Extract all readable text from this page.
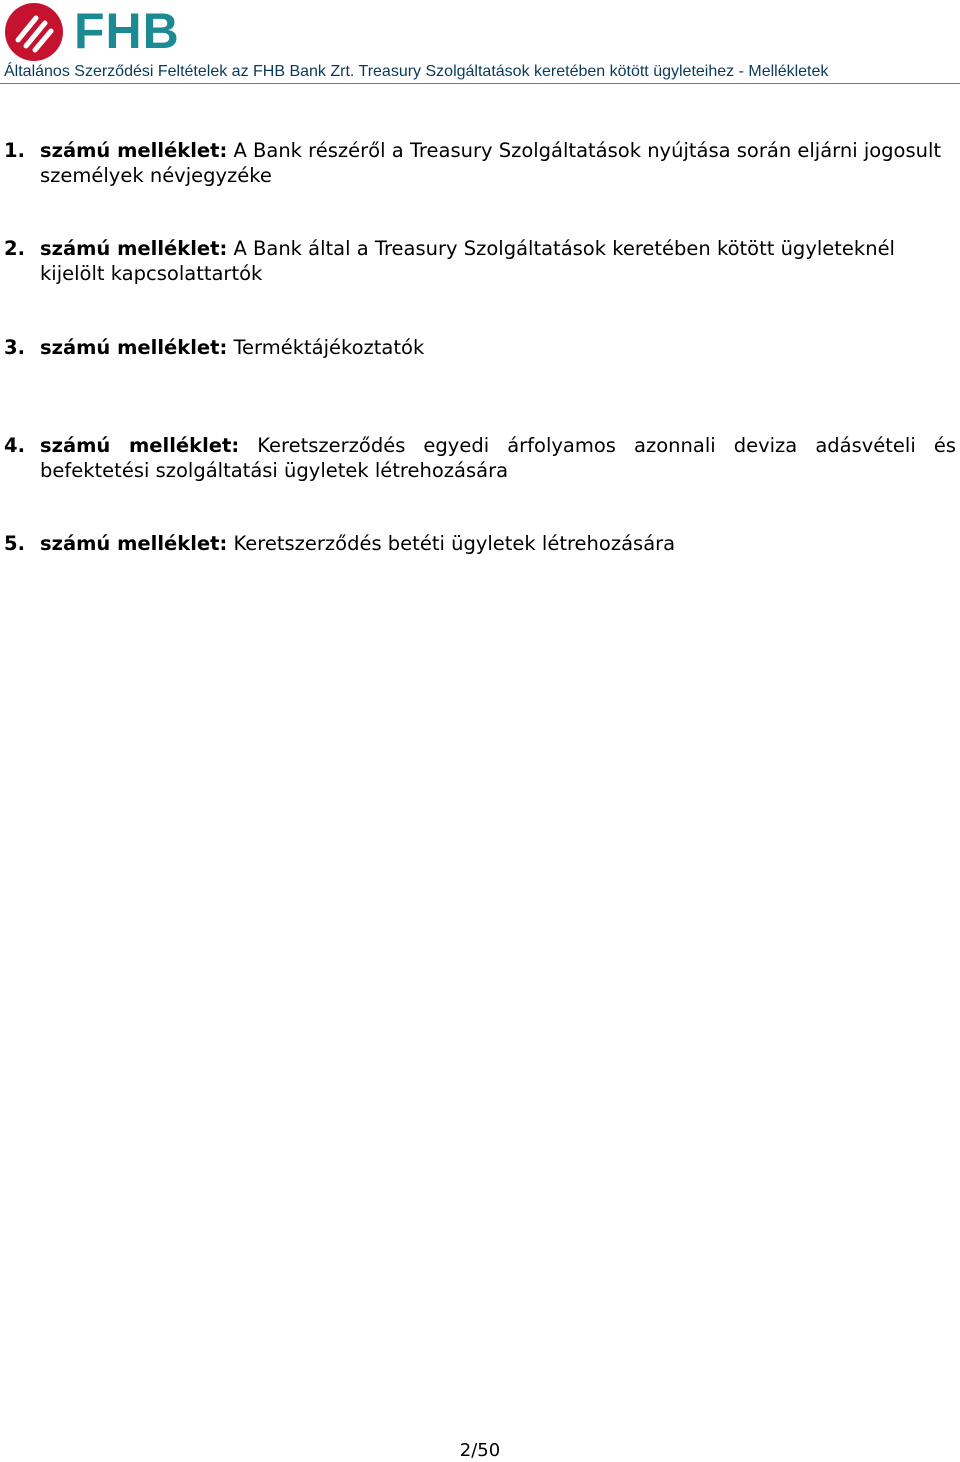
FHB
Általános Szerződési Feltételek az FHB Bank Zrt. Treasury Szolgáltatások keretében kötött ügyleteihez - Mellékletek
1. számú melléklet: A Bank részéről a Treasury Szolgáltatások nyújtása során eljárni jogosult személyek névjegyzéke
2. számú melléklet: A Bank által a Treasury Szolgáltatások keretében kötött ügyleteknél kijelölt kapcsolattartók
3. számú melléklet: Terméktájékoztatók
4. számú melléklet: Keretszerződés egyedi árfolyamos azonnali deviza adásvételi és befektetési szolgáltatási ügyletek létrehozására
5. számú melléklet: Keretszerződés betéti ügyletek létrehozására
2/50
